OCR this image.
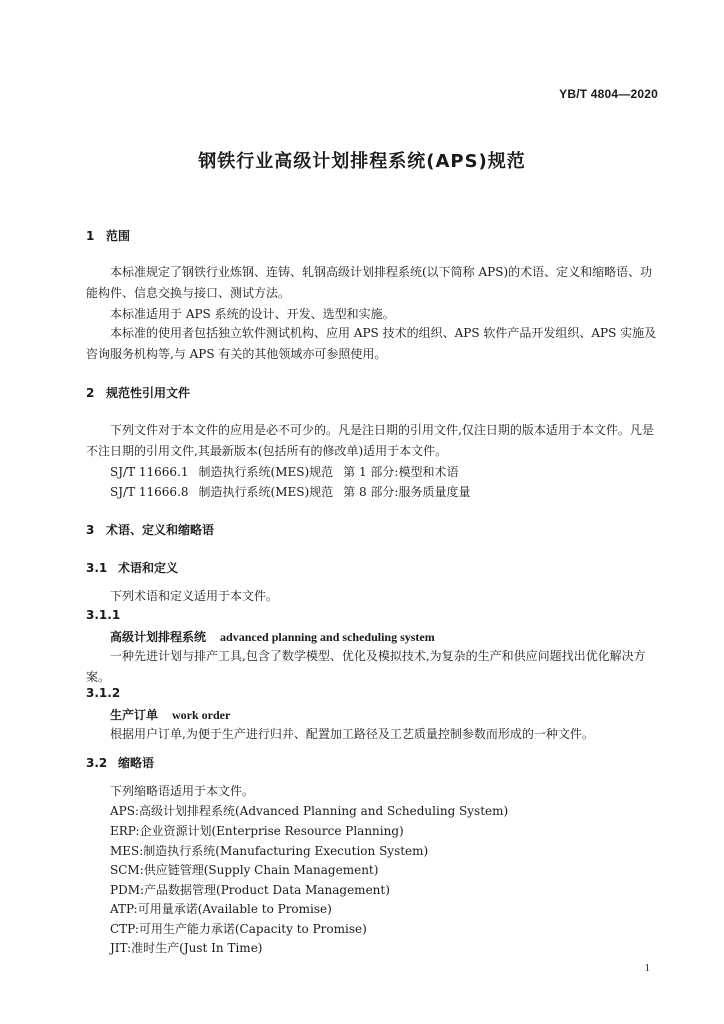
YB/T 4804—2020
钢铁行业高级计划排程系统(APS)规范
1 范围

本标准规定了钢铁行业炼钢、连铸、轧钢高级计划排程系统(以下简称 APS)的术语、定义和缩略语、功能构件、信息交换与接口、测试方法。

本标准适用于 APS 系统的设计、开发、选型和实施。

本标准的使用者包括独立软件测试机构、应用 APS 技术的组织、APS 软件产品开发组织、APS 实施及咨询服务机构等,与 APS 有关的其他领域亦可参照使用。

2 规范性引用文件

下列文件对于本文件的应用是必不可少的。凡是注日期的引用文件,仅注日期的版本适用于本文件。凡是不注日期的引用文件,其最新版本(包括所有的修改单)适用于本文件。

SJ/T 11666.1 制造执行系统(MES)规范 第 1 部分:模型和术语
SJ/T 11666.8 制造执行系统(MES)规范 第 8 部分:服务质量度量
3 术语、定义和缩略语
3.1 术语和定义
下列术语和定义适用于本文件。
3.1.1
高级计划排程系统 advanced planning and scheduling system

一种先进计划与排产工具,包含了数学模型、优化及模拟技术,为复杂的生产和供应问题找出优化解决方案。

3.1.2
生产订单 work order
根据用户订单,为便于生产进行归并、配置加工路径及工艺质量控制参数而形成的一种文件。
3.2 缩略语
下列缩略语适用于本文件。
APS:高级计划排程系统(Advanced Planning and Scheduling System)
ERP:企业资源计划(Enterprise Resource Planning)
MES:制造执行系统(Manufacturing Execution System)
SCM:供应链管理(Supply Chain Management)
PDM:产品数据管理(Product Data Management)
ATP:可用量承诺(Available to Promise)
CTP:可用生产能力承诺(Capacity to Promise)
JIT:准时生产(Just In Time)
1
